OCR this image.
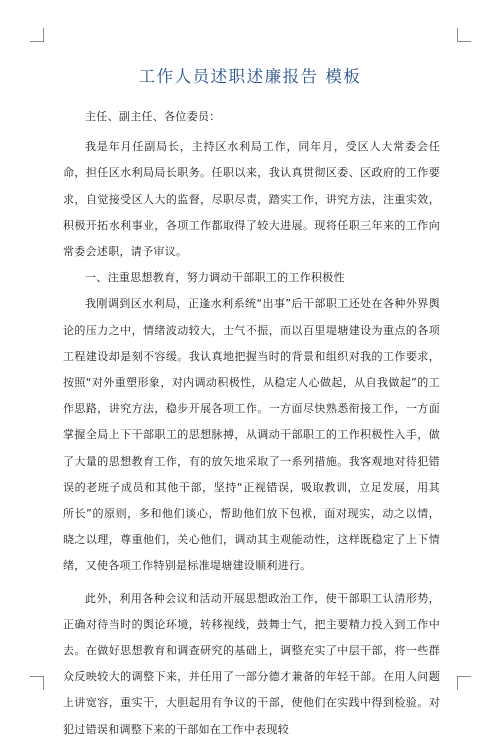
工作人员述职述廉报告 模板

主任、副主任、各位委员：

我是年月任副局长，主持区水利局工作，同年月，受区人大常委会任命，担任区水利局局长职务。任职以来，我认真贯彻区委、区政府的工作要求，自觉接受区人大的监督，尽职尽责，踏实工作，讲究方法，注重实效，积极开拓水利事业，各项工作都取得了较大进展。现将任职三年来的工作向常委会述职，请予审议。

一、注重思想教育，努力调动干部职工的工作积极性

我刚调到区水利局，正逢水利系统“出事”后干部职工还处在各种外界舆论的压力之中，情绪波动较大，士气不振，而以百里堤塘建设为重点的各项工程建设却是刻不容缓。我认真地把握当时的背景和组织对我的工作要求，按照“对外重塑形象，对内调动积极性，从稳定人心做起，从自我做起”的工作思路，讲究方法，稳步开展各项工作。一方面尽快熟悉衔接工作，一方面掌握全局上下干部职工的思想脉搏，从调动干部职工的工作积极性入手，做了大量的思想教育工作，有的放矢地采取了一系列措施。我客观地对待犯错误的老班子成员和其他干部，坚持“正视错误，吸取教训，立足发展，用其所长”的原则，多和他们谈心，帮助他们放下包袱，面对现实，动之以情，晓之以理，尊重他们，关心他们，调动其主观能动性，这样既稳定了上下情绪，又使各项工作特别是标准堤塘建设顺利进行。

此外，利用各种会议和活动开展思想政治工作，使干部职工认清形势，正确对待当时的舆论环境，转移视线，鼓舞士气，把主要精力投入到工作中去。在做好思想教育和调查研究的基础上，调整充实了中层干部，将一些群众反映较大的调整下来，并任用了一部分德才兼备的年轻干部。在用人问题上讲宽容，重实干，大胆起用有争议的干部，使他们在实践中得到检验。对犯过错误和调整下来的干部如在工作中表现较
